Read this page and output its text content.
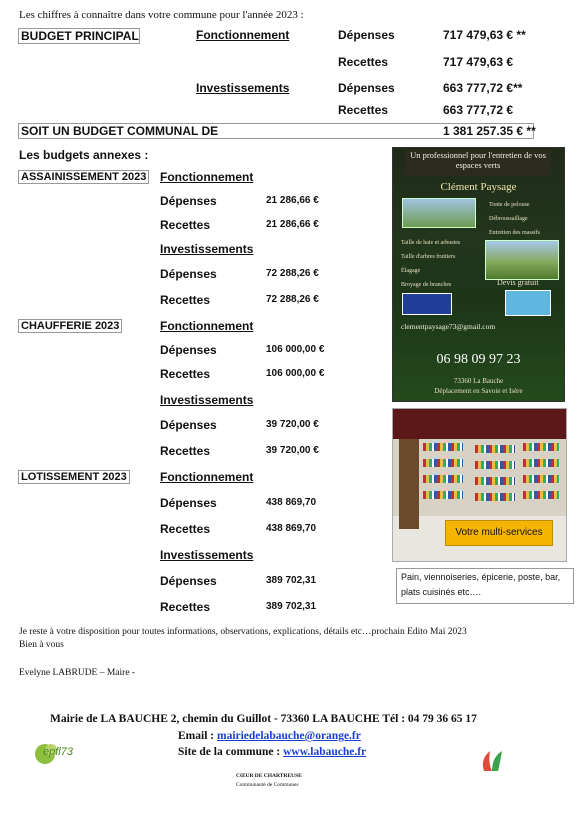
Les chiffres à connaître dans votre commune pour l'année 2023 :
BUDGET PRINCIPAL	Fonctionnement	Dépenses	717 479,63 € **
Recettes	717 479,63 €
Investissements	Dépenses	663 777,72 €**
Recettes	663 777,72 €
SOIT UN BUDGET COMMUNAL DE	1 381 257.35 € **
Les budgets annexes :
ASSAINISSEMENT 2023 Fonctionnement
Dépenses	21 286,66 €
Recettes	21 286,66 €
Investissements
Dépenses	72 288,26 €
Recettes	72 288,26 €
CHAUFFERIE 2023	Fonctionnement
Dépenses	106 000,00 €
Recettes	106 000,00 €
Investissements
Dépenses	39 720,00 €
Recettes	39 720,00 €
LOTISSEMENT 2023	Fonctionnement
Dépenses	438 869,70
Recettes	438 869,70
Investissements
Dépenses	389 702,31
Recettes	389 702,31
Un professionnel pour l'entretien de vos espaces verts
Clément Paysage
Tonte de pelouse
Débroussaillage
Entretien des massifs
Taille de haie et arbustes
Taille d'arbres fruitiers
Élagage
Broyage de branches	Devis gratuit
clementpaysage73@gmail.com
06 98 09 97 23
73360 La Bauche
Déplacement en Savoie et Isère
Votre multi-services
Pain, viennoiseries, épicerie, poste, bar, plats cuisinés etc….
Je reste à votre disposition pour toutes informations, observations, explications, détails etc…prochain Edito Mai 2023
Bien à vous
Evelyne LABRUDE – Maire -
Mairie de LA BAUCHE 2, chemin du Guillot - 73360 LA BAUCHE Tél : 04 79 36 65 17
Email : mairiedelabauche@orange.fr
Site de la commune : www.labauche.fr
CŒUR DE CHARTREUSE
Communauté de Communes
epfl73
